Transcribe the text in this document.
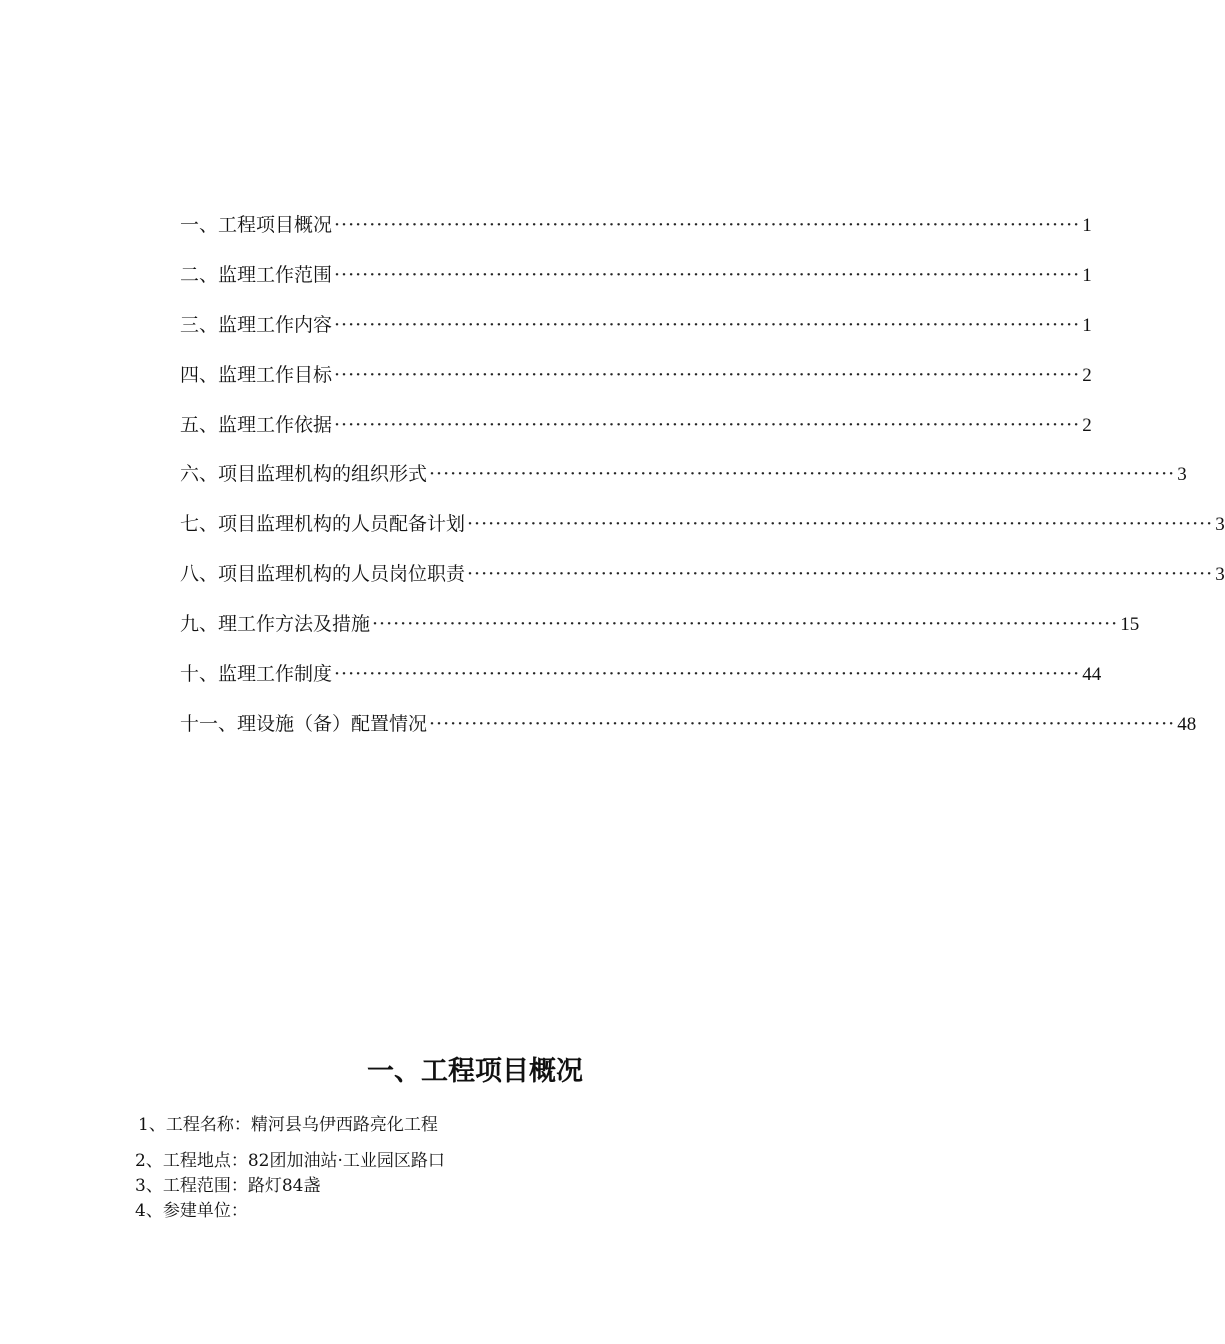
一、工程项目概况 ·········································································································· 1
二、监理工作范围 ·········································································································· 1
三、监理工作内容 ·········································································································· 1
四、监理工作目标 ·········································································································· 2
五、监理工作依据 ·········································································································· 2
六、项目监理机构的组织形式 ·········································································································· 3
七、项目监理机构的人员配备计划 ·········································································································· 3
八、项目监理机构的人员岗位职责 ·········································································································· 3
九、理工作方法及措施 ·········································································································· 15
十、监理工作制度 ·········································································································· 44
十一、理设施（备）配置情况 ·········································································································· 48
一、工程项目概况
1、工程名称：精河县乌伊西路亮化工程
2、工程地点：82团加油站·工业园区路口
3、工程范围：路灯84盏
4、参建单位：
